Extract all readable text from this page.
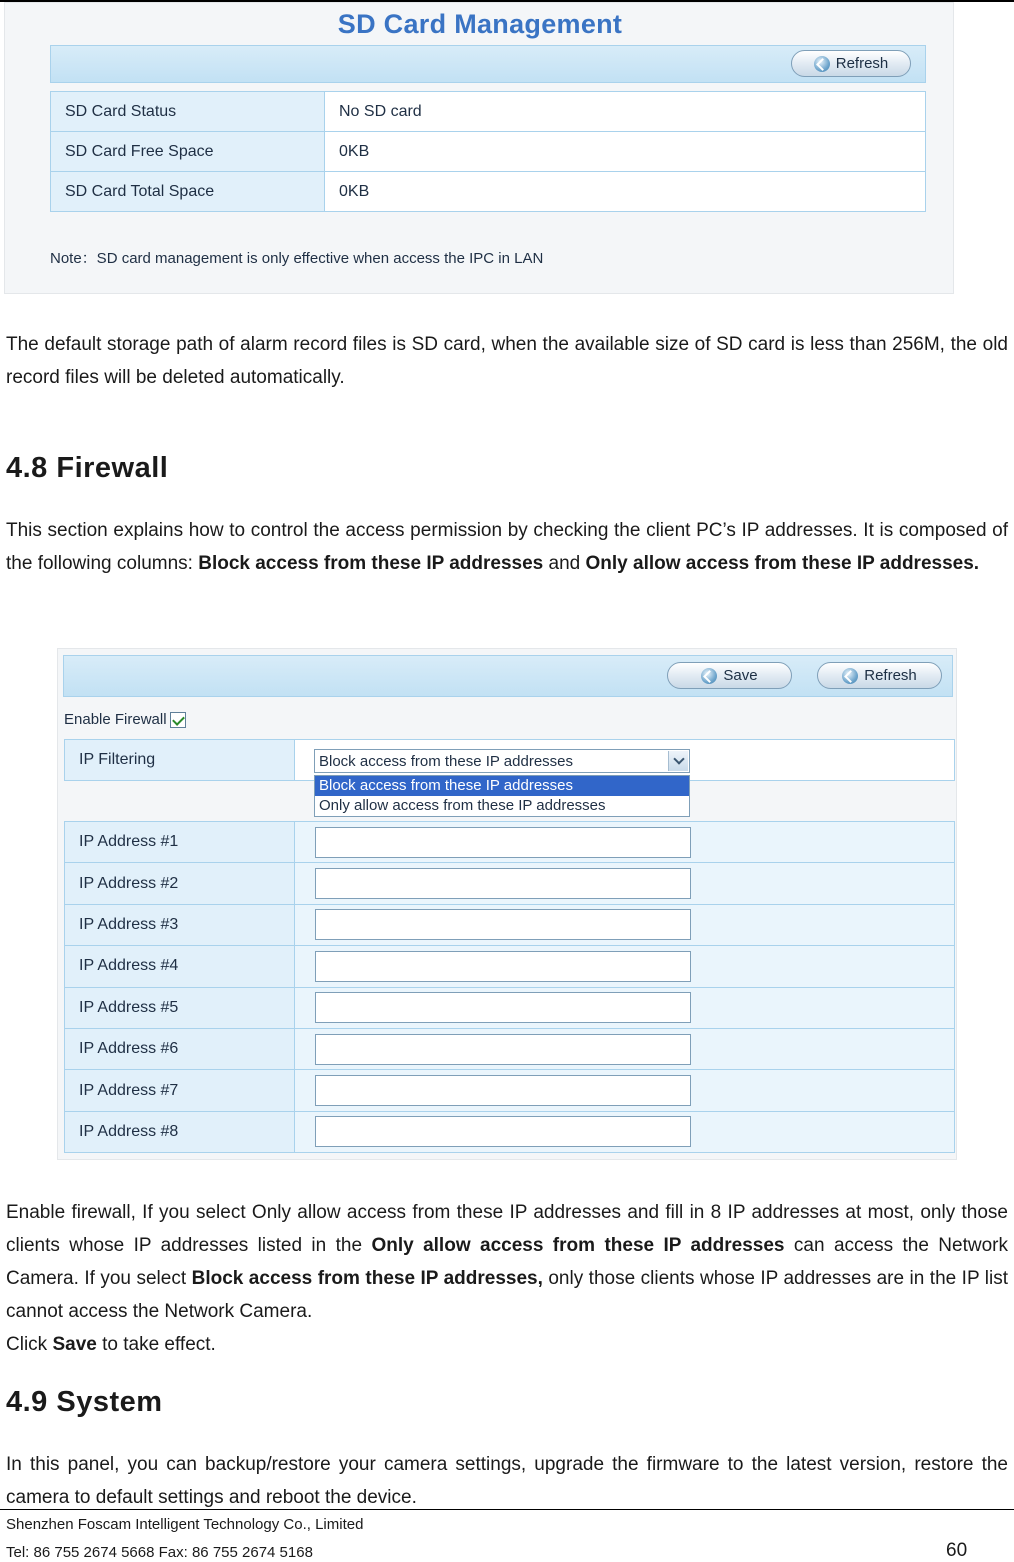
SD Card Management
Refresh
SD Card Status	No SD card
SD Card Free Space	0KB
SD Card Total Space	0KB
Note：SD card management is only effective when access the IPC in LAN

The default storage path of alarm record files is SD card, when the available size of SD card is less than 256M, the old record files will be deleted automatically.

4.8 Firewall

This section explains how to control the access permission by checking the client PC’s IP addresses. It is composed of the following columns: Block access from these IP addresses and Only allow access from these IP addresses.

Save	Refresh
Enable Firewall
IP Filtering	Block access from these IP addresses
Block access from these IP addresses
Only allow access from these IP addresses
IP Address #1	

IP Address #2	

IP Address #3	

IP Address #4	

IP Address #5	

IP Address #6	

IP Address #7	

IP Address #8	

Enable firewall, If you select Only allow access from these IP addresses and fill in 8 IP addresses at most, only those clients whose IP addresses listed in the Only allow access from these IP addresses can access the Network Camera. If you select Block access from these IP addresses, only those clients whose IP addresses are in the IP list cannot access the Network Camera.

Click Save to take effect.

4.9 System

In this panel, you can backup/restore your camera settings, upgrade the firmware to the latest version, restore the camera to default settings and reboot the device.

Shenzhen Foscam Intelligent Technology Co., Limited
Tel: 86 755 2674 5668 Fax: 86 755 2674 5168	60
